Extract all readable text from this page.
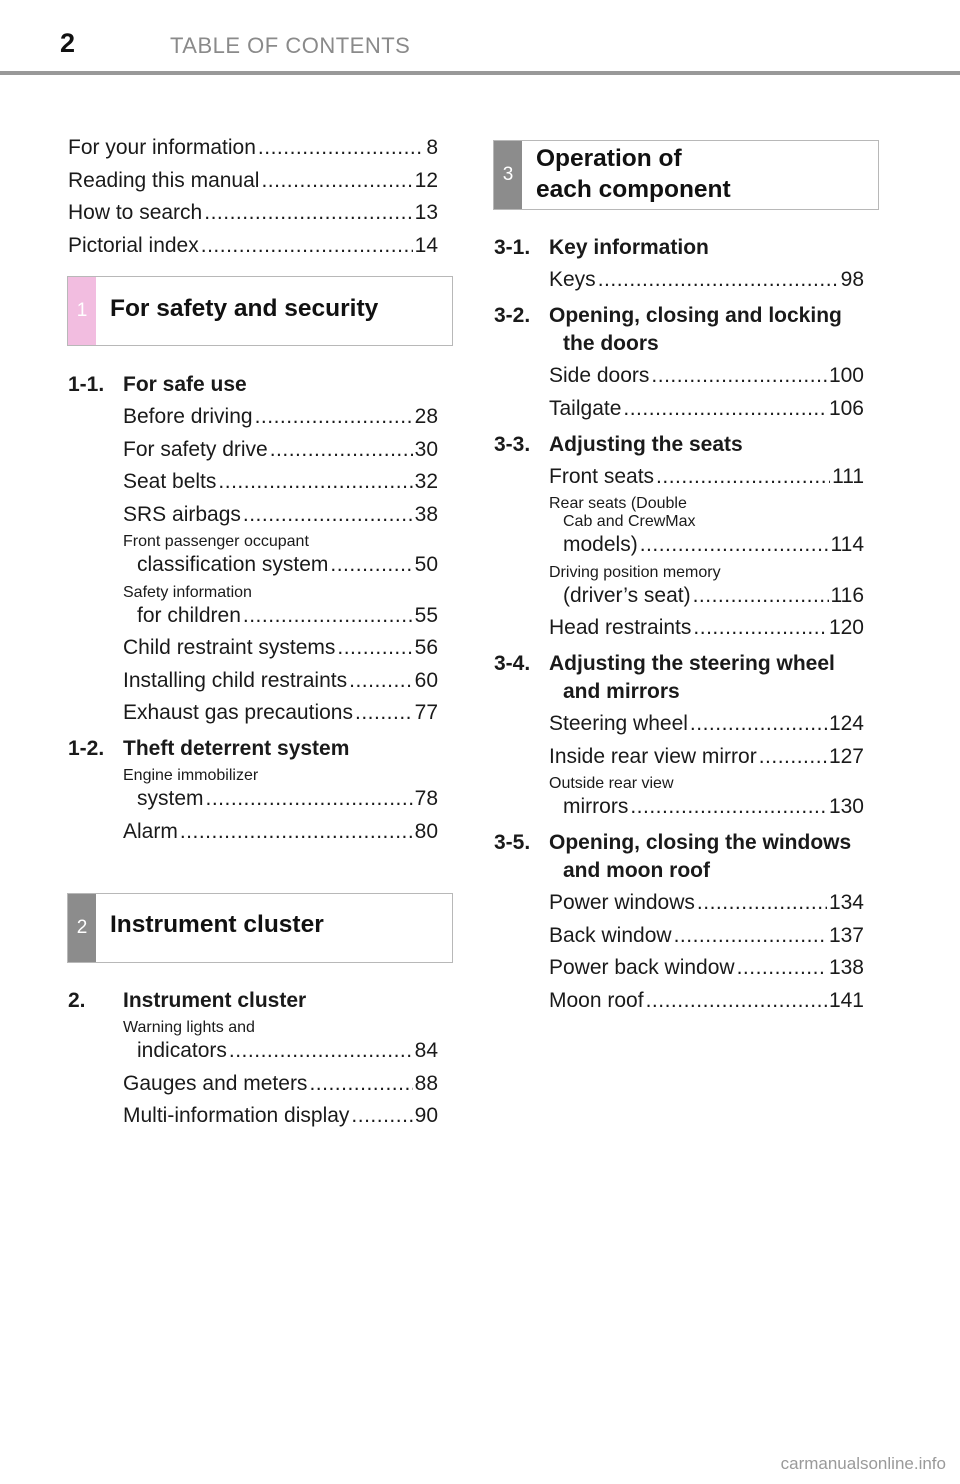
2	TABLE OF CONTENTS
For your information .....	8
Reading this manual .....	12
How to search .....	13
Pictorial index .....	14
1 For safety and security
1-1. For safe use
Before driving .....	28
For safety drive .....	30
Seat belts .....	32
SRS airbags .....	38
Front passenger occupant
classification system .....	50
Safety information
for children .....	55
Child restraint systems .....	56
Installing child restraints .....	60
Exhaust gas precautions .....	77
1-2. Theft deterrent system
Engine immobilizer
system .....	78
Alarm .....	80
2 Instrument cluster
2.	Instrument cluster
Warning lights and
indicators .....	84
Gauges and meters .....	88
Multi-information display .....	90
3
Operation of
each component
3-1. Key information
Keys .....	98
3-2. Opening, closing and locking the doors
Side doors .....	100
Tailgate .....	106
3-3. Adjusting the seats
Front seats .....	111
Rear seats (Double
Cab and CrewMax
models) .....	114
Driving position memory
(driver’s seat) .....	116
Head restraints .....	120
3-4. Adjusting the steering wheel and mirrors
Steering wheel .....	124
Inside rear view mirror .....	127
Outside rear view
mirrors .....	130
3-5. Opening, closing the windows and moon roof
Power windows .....	134
Back window .....	137
Power back window .....	138
Moon roof .....	141
carmanualsonline.info
